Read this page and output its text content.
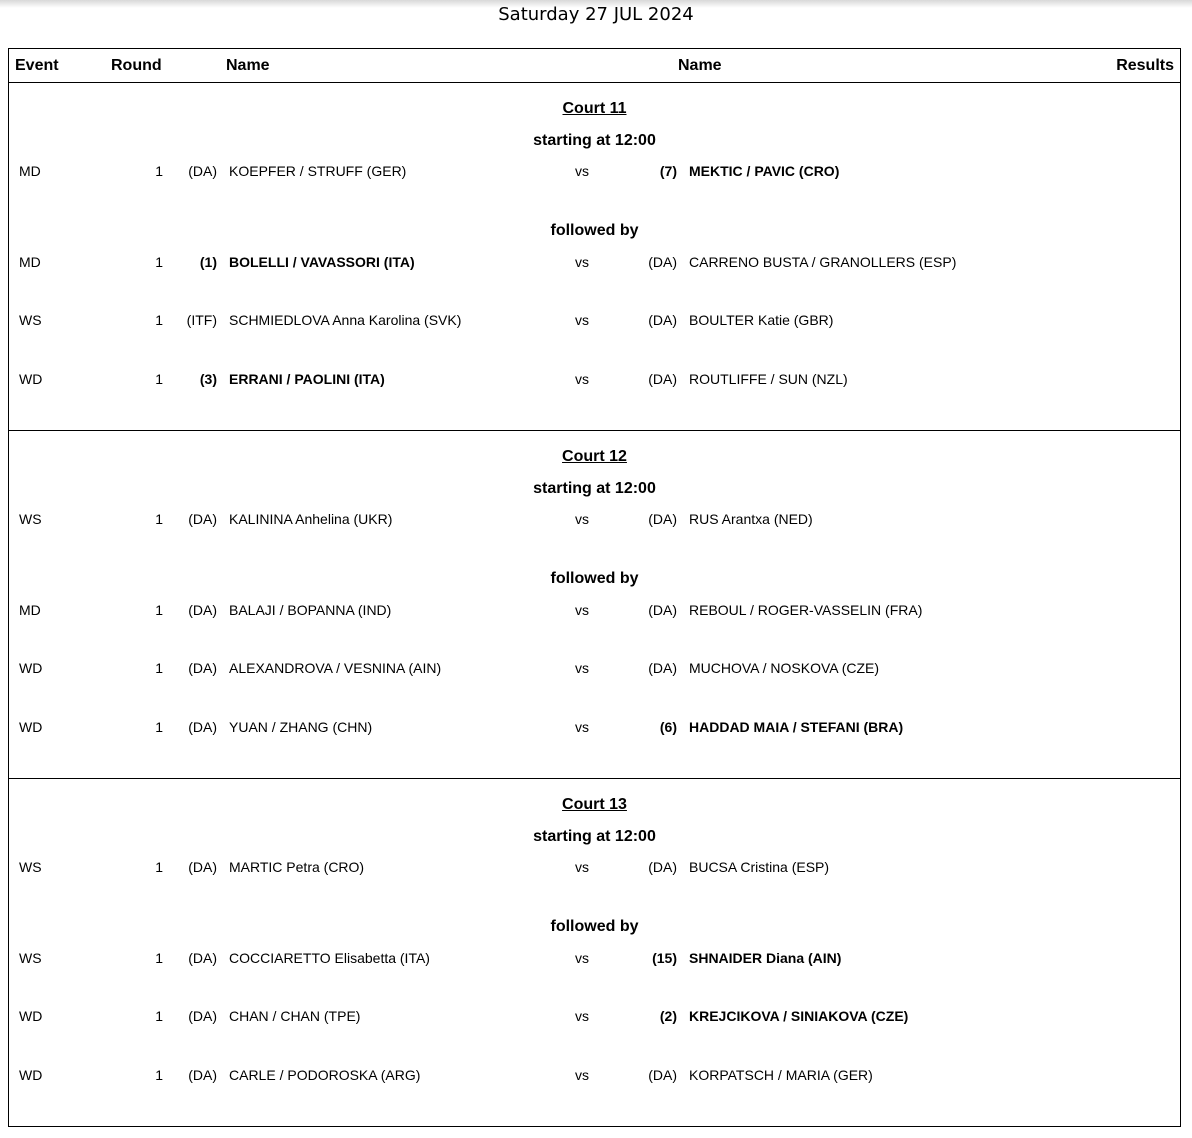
Saturday 27 JUL 2024
Event	Round	Name	Name	Results
Court 11
starting at 12:00
followed by
MD	1	(DA) KOEPFER / STRUFF (GER)	vs	(7) MEKTIC / PAVIC (CRO)
MD	1	(1) BOLELLI / VAVASSORI (ITA)	vs	(DA) CARRENO BUSTA / GRANOLLERS (ESP)
WS	1	(ITF) SCHMIEDLOVA Anna Karolina (SVK)	vs	(DA) BOULTER Katie (GBR)
WD	1	(3) ERRANI / PAOLINI (ITA)	vs	(DA) ROUTLIFFE / SUN (NZL)
Court 12
starting at 12:00
followed by
WS	1	(DA) KALININA Anhelina (UKR)	vs	(DA) RUS Arantxa (NED)
MD	1	(DA) BALAJI / BOPANNA (IND)	vs	(DA) REBOUL / ROGER-VASSELIN (FRA)
WD	1	(DA) ALEXANDROVA / VESNINA (AIN)	vs	(DA) MUCHOVA / NOSKOVA (CZE)
WD	1	(DA) YUAN / ZHANG (CHN)	vs	(6) HADDAD MAIA / STEFANI (BRA)
Court 13
starting at 12:00
followed by
WS	1	(DA) MARTIC Petra (CRO)	vs	(DA) BUCSA Cristina (ESP)
WS	1	(DA) COCCIARETTO Elisabetta (ITA)	vs	(15) SHNAIDER Diana (AIN)
WD	1	(DA) CHAN / CHAN (TPE)	vs	(2) KREJCIKOVA / SINIAKOVA (CZE)
WD	1	(DA) CARLE / PODOROSKA (ARG)	vs	(DA) KORPATSCH / MARIA (GER)
